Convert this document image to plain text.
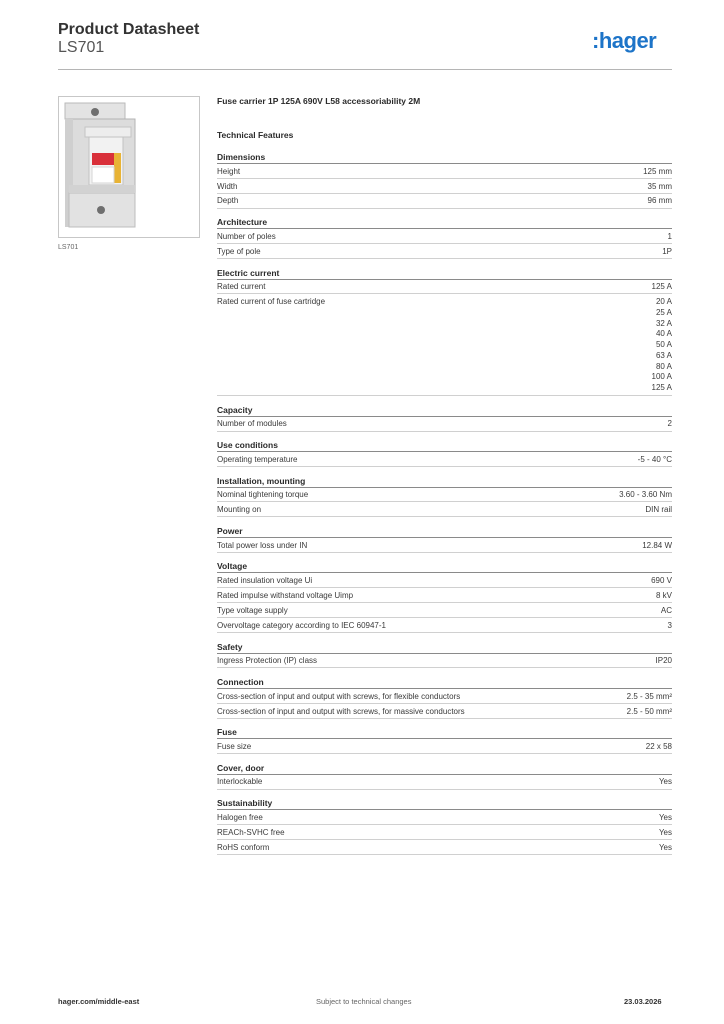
Product Datasheet
LS701	:hager
LS701
Fuse carrier 1P 125A 690V L58 accessoriability 2M
Technical Features
Dimensions
Height	125 mm
Width	35 mm
Depth	96 mm
Architecture
Number of poles	1
Type of pole	1P
Electric current
Rated current	125 A
Rated current of fuse cartridge	20 A
25 A
32 A
40 A
50 A
63 A
80 A
100 A
125 A
Capacity
Number of modules	2
Use conditions
Operating temperature	-5 - 40 °C
Installation, mounting
Nominal tightening torque	3.60 - 3.60 Nm
Mounting on	DIN rail
Power
Total power loss under IN	12.84 W
Voltage
Rated insulation voltage Ui	690 V
Rated impulse withstand voltage Uimp	8 kV
Type voltage supply	AC
Overvoltage category according to IEC 60947-1	3
Safety
Ingress Protection (IP) class	IP20
Connection
Cross-section of input and output with screws, for flexible conductors	2.5 - 35 mm²
Cross-section of input and output with screws, for massive conductors	2.5 - 50 mm²
Fuse
Fuse size	22 x 58
Cover, door
Interlockable	Yes
Sustainability
Halogen free	Yes
REACh-SVHC free	Yes
RoHS conform	Yes
hager.com/middle-east	Subject to technical changes	23.03.2026
